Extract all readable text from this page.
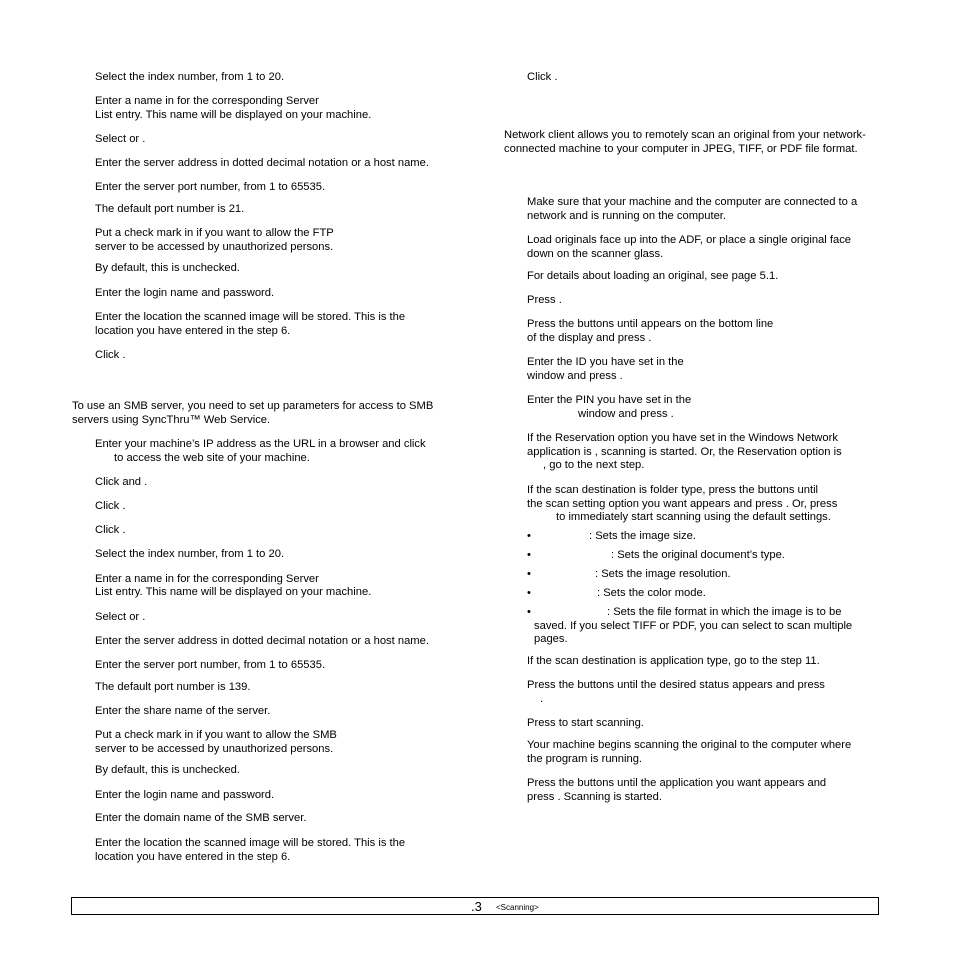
Select the index number, from 1 to 20.
Enter a name in for the corresponding Server
List entry. This name will be displayed on your machine.
Select or .
Enter the server address in dotted decimal notation or a host name.
Enter the server port number, from 1 to 65535.
The default port number is 21.
Put a check mark in if you want to allow the FTP
server to be accessed by unauthorized persons.
By default, this is unchecked.
Enter the login name and password.
Enter the location the scanned image will be stored. This is the
location you have entered in the step 6.
Click .
To use an SMB server, you need to set up parameters for access to SMB
servers using SyncThru™ Web Service.
Enter your machine’s IP address as the URL in a browser and click
to access the web site of your machine.
Click and .
Click .
Click .
Select the index number, from 1 to 20.
Enter a name in for the corresponding Server
List entry. This name will be displayed on your machine.
Select or .
Enter the server address in dotted decimal notation or a host name.
Enter the server port number, from 1 to 65535.
The default port number is 139.
Enter the share name of the server.
Put a check mark in if you want to allow the SMB
server to be accessed by unauthorized persons.
By default, this is unchecked.
Enter the login name and password.
Enter the domain name of the SMB server.
Enter the location the scanned image will be stored. This is the
location you have entered in the step 6.
Click .
Network client allows you to remotely scan an original from your network-
connected machine to your computer in JPEG, TIFF, or PDF file format.
Make sure that your machine and the computer are connected to a
network and is running on the computer.
Load originals face up into the ADF, or place a single original face
down on the scanner glass.
For details about loading an original, see page 5.1.
Press .
Press the buttons until appears on the bottom line
of the display and press .
Enter the ID you have set in the
window and press .
Enter the PIN you have set in the
window and press .
If the Reservation option you have set in the Windows Network
application is , scanning is started. Or, the Reservation option is
, go to the next step.
If the scan destination is folder type, press the buttons until
the scan setting option you want appears and press . Or, press
to immediately start scanning using the default settings.
•	: Sets the image size.
•	: Sets the original document’s type.
•	: Sets the image resolution.
•	: Sets the color mode.
•	: Sets the file format in which the image is to be
saved. If you select TIFF or PDF, you can select to scan multiple
pages.
If the scan destination is application type, go to the step 11.
Press the buttons until the desired status appears and press
.
Press to start scanning.
Your machine begins scanning the original to the computer where
the program is running.
Press the buttons until the application you want appears and
press . Scanning is started.
.3 <Scanning>
